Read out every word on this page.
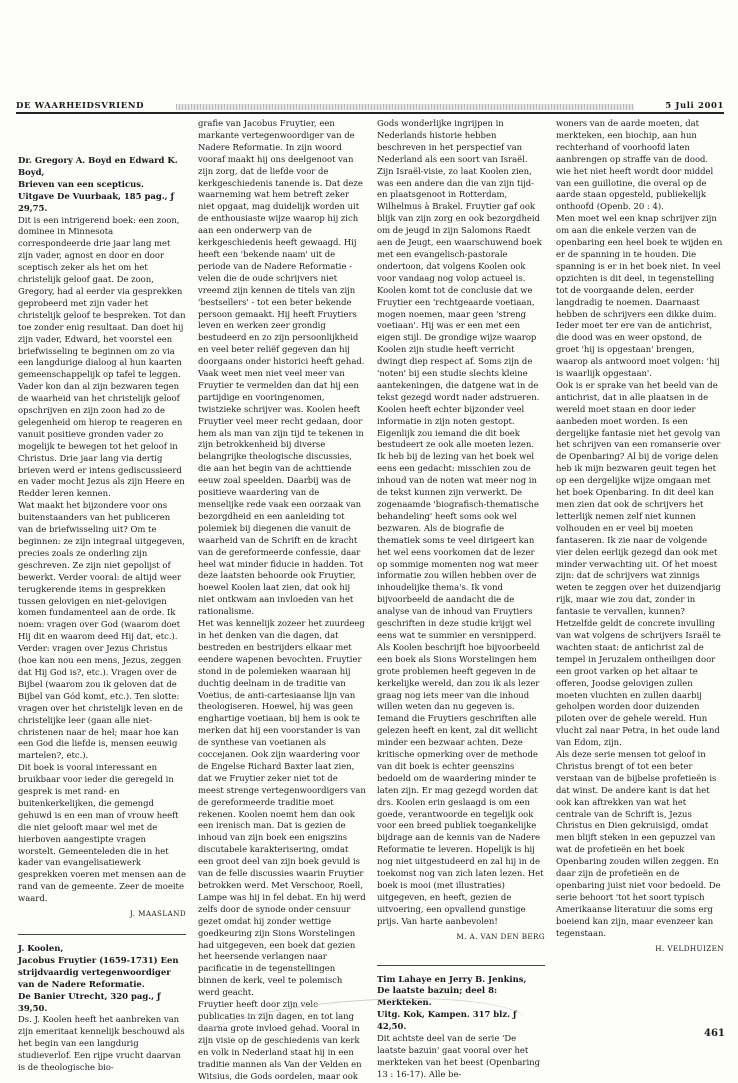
DE WAARHEIDSVRIEND	5 Juli 2001

Dr. Gregory A. Boyd en Edward K. Boyd,

Brieven van een scepticus.

Uitgave De Vuurbaak, 185 pag., ƒ 29,75.

Dit is een intrigerend boek: een zoon, dominee in Minnesota correspondeerde drie jaar lang met zijn vader, agnost en door en door sceptisch zeker als het om het christelijk geloof gaat. De zoon, Gregory, had al eerder via gesprekken geprobeerd met zijn vader het christelijk geloof te bespreken. Tot dan toe zonder enig resultaat. Dan doet hij zijn vader, Edward, het voorstel een briefwisseling te beginnen om zo via een langdurige dialoog al hun kaarten gemeenschappelijk op tafel te leggen. Vader kon dan al zijn bezwaren tegen de waarheid van het christelijk geloof opschrijven en zijn zoon had zo de gelegenheid om hierop te reageren en vanuit positieve gronden vader zo mogelijk te bewegen tot het geloof in Christus. Drie jaar lang via dertig brieven werd er intens gediscussieerd en vader mocht Jezus als zijn Heere en Redder leren kennen.

Wat maakt het bijzondere voor ons buitenstaanders van het publiceren van de briefwisseling uit? Om te beginnen: ze zijn integraal uitgegeven, precies zoals ze onderling zijn geschreven. Ze zijn niet gepolijst of bewerkt. Verder vooral: de altijd weer terugkerende items in gesprekken tussen gelovigen en niet-gelovigen komen fundamenteel aan de orde. Ik noem: vragen over God (waarom doet Hij dit en waarom deed Hij dat, etc.). Verder: vragen over Jezus Christus (hoe kan nou een mens, Jezus, zeggen dat Hij God is?, etc.). Vragen over de Bijbel (waarom zou ik geloven dat de Bijbel van Gód komt, etc.). Ten slotte: vragen over het christelijk leven en de christelijke leer (gaan alle niet-christenen naar de hel; maar hoe kan een God die liefde is, mensen eeuwig martelen?, etc.).

Dit boek is vooral interessant en bruikbaar voor ieder die geregeld in gesprek is met rand- en buitenkerkelijken, die gemengd gehuwd is en een man of vrouw heeft die niet gelooft maar wel met de hierboven aangestipte vragen worstelt. Gemeenteleden die in het kader van evangelisatiewerk gesprekken voeren met mensen aan de rand van de gemeente. Zeer de moeite waard.

J. MAASLAND

J. Koolen,

Jacobus Fruytier (1659-1731) Een strijdvaardig vertegenwoordiger van de Nadere Reformatie.

De Banier Utrecht, 320 pag., ƒ 39,50.

Ds. J. Koolen heeft het aanbreken van zijn emeritaat kennelijk beschouwd als het begin van een langdurig studieverlof. Een rijpe vrucht daarvan is de theologische bio-

grafie van Jacobus Fruytier, een markante vertegenwoordiger van de Nadere Reformatie. In zijn woord vooraf maakt hij ons deelgenoot van zijn zorg, dat de liefde voor de kerkgeschiedenis tanende is. Dat deze waarneming wat hem betreft zeker niet opgaat, mag duidelijk worden uit de enthousiaste wijze waarop hij zich aan een onderwerp van de kerkgeschiedenis heeft gewaagd. Hij heeft een 'bekende naam' uit de periode van de Nadere Reformatie - velen die de oude schrijvers niet vreemd zijn kennen de titels van zijn 'bestsellers' - tot een beter bekende persoon gemaakt. Hij heeft Fruytiers leven en werken zeer grondig bestudeerd en zo zijn persoonlijkheid en veel beter reliëf gegeven dan hij doorgaans onder historici heeft gehad. Vaak weet men niet veel meer van Fruytier te vermelden dan dat hij een partijdige en vooringenomen, twistzieke schrijver was. Koolen heeft Fruytier veel meer recht gedaan, door hem als man van zijn tijd te tekenen in zijn betrokkenheid bij diverse belangrijke theologische discussies, die aan het begin van de achttiende eeuw zoal speelden. Daarbij was de positieve waardering van de menselijke rede vaak een oorzaak van bezorgdheid en een aanleiding tot polemiek bij diegenen die vanuit de waarheid van de Schrift en de kracht van de gereformeerde confessie, daar heel wat minder fiducie in hadden. Tot deze laatsten behoorde ook Fruytier, hoewel Koolen laat zien, dat ook hij niet ontkwam aan invloeden van het rationalisme.

Het was kennelijk zozeer het zuurdeeg in het denken van die dagen, dat bestreden en bestrijders elkaar met eendere wapenen bevochten. Fruytier stond in de polemieken waaraan hij duchtig deelnam in de traditie van Voetius, de anti-cartesiaanse lijn van theologiseren. Hoewel, hij was geen enghartige voetiaan, bij hem is ook te merken dat hij een voorstander is van de synthese van voetianen als coccejanen. Ook zijn waardering voor de Engelse Richard Baxter laat zien, dat we Fruytier zeker niet tot de meest strenge vertegenwoordigers van de gereformeerde traditie moet rekenen. Koolen noemt hem dan ook een irenisch man. Dat is gezien de inhoud van zijn boek een enigszins discutabele karakterisering, omdat een groot deel van zijn boek gevuld is van de felle discussies waarin Fruytier betrokken werd. Met Verschoor, Roell, Lampe was hij in fel debat. En hij werd zelfs door de synode onder censuur gezet omdat hij zonder wettige goedkeuring zijn Sions Worstelingen had uitgegeven, een boek dat gezien het heersende verlangen naar pacificatie in de tegenstellingen binnen de kerk, veel te polemisch werd geacht.

Fruytier heeft door zijn vele publicaties in zijn dagen, en tot lang daarna grote invloed gehad. Vooral in zijn visie op de geschiedenis van kerk en volk in Nederland staat hij in een traditie mannen als Van der Velden en Witsius, die Gods oordelen, maar ook

Gods wonderlijke ingrijpen in Nederlands historie hebben beschreven in het perspectief van Nederland als een soort van Israël. Zijn Israël-visie, zo laat Koolen zien, was een andere dan die van zijn tijd- en plaatsgenoot in Rotterdam, Wilhelmus à Brakel. Fruytier gaf ook blijk van zijn zorg en ook bezorgdheid om de jeugd in zijn Salomons Raedt aen de Jeugt, een waarschuwend boek met een evangelisch-pastorale ondertoon, dat volgens Koolen ook voor vandaag nog volop actueel is.

Koolen komt tot de conclusie dat we Fruytier een 'rechtgeaarde voetiaan, mogen noemen, maar geen 'streng voetiaan'. Hij was er een met een eigen stijl. De grondige wijze waarop Koolen zijn studie heeft verricht dwingt diep respect af. Soms zijn de 'noten' bij een studie slechts kleine aantekeningen, die datgene wat in de tekst gezegd wordt nader adstrueren. Koolen heeft echter bijzonder veel informatie in zijn noten gestopt. Eigenlijk zou iemand die dit boek bestudeert ze ook alle moeten lezen. Ik heb bij de lezing van het boek wel eens een gedacht: misschien zou de inhoud van de noten wat meer nog in de tekst kunnen zijn verwerkt. De zogenaamde 'biografisch-thematische behandeling' heeft soms ook wel bezwaren. Als de biografie de thematiek soms te veel dirigeert kan het wel eens voorkomen dat de lezer op sommige momenten nog wat meer informatie zou willen hebben over de inhoudelijke thema's. Ik vond bijvoorbeeld de aandacht die de analyse van de inhoud van Fruytiers geschriften in deze studie krijgt wel eens wat te summier en versnipperd. Als Koolen beschrijft hoe bijvoorbeeld een boek als Sions Worstelingen hem grote problemen heeft gegeven in de kerkelijke wereld, dan zou ik als lezer graag nog iets meer van die inhoud willen weten dan nu gegeven is. Iemand die Fruytiers geschriften alle gelezen heeft en kent, zal dit wellicht minder een bezwaar achten. Deze kritische opmerking over de methode van dit boek is echter geenszins bedoeld om de waardering minder te laten zijn. Er mag gezegd worden dat drs. Koolen erin geslaagd is om een goede, verantwoorde en tegelijk ook voor een breed publiek toegankelijke bijdrage aan de kennis van de Nadere Reformatie te leveren. Hopelijk is hij nog niet uitgestudeerd en zal hij in de toekomst nog van zich laten lezen. Het boek is mooi (met illustraties) uitgegeven, en heeft, gezien de uitvoering, een opvallend gunstige prijs. Van harte aanbevolen!

M. A. VAN DEN BERG

Tim Lahaye en Jerry B. Jenkins,

De laatste bazuin; deel 8: Merkteken.

Uitg. Kok, Kampen. 317 blz. ƒ 42,50.

Dit achtste deel van de serie 'De laatste bazuin' gaat vooral over het merkteken van het beest (Openbaring 13 : 16-17). Alle be-

woners van de aarde moeten, dat merkteken, een biochip, aan hun rechterhand of voorhoofd laten aanbrengen op straffe van de dood. wie het niet heeft wordt door middel van een guillotine, die overal op de aarde staan opgesteld, publiekelijk onthoofd (Openb. 20 : 4).

Men moet wel een knap schrijver zijn om aan die enkele verzen van de openbaring een heel boek te wijden en er de spanning in te houden. Die spanning is er in het boek niet. In veel opzichten is dit deel, in tegenstelling tot de voorgaande delen, eerder langdradig te noemen. Daarnaast hebben de schrijvers een dikke duim. Ieder moet ter ere van de antichrist, die dood was en weer opstond, de groet 'hij is opgestaan' brengen, waarop als antwoord moet volgen: 'hij is waarlijk opgestaan'.

Ook is er sprake van het beeld van de antichrist, dat in alle plaatsen in de wereld moet staan en door ieder aanbeden moet worden. Is een dergelijke fantasie niet het gevolg van het schrijven van een romanserie over de Openbaring? Al bij de vorige delen heb ik mijn bezwaren geuit tegen het op een dergelijke wijze omgaan met het boek Openbaring. In dit deel kan men zien dat ook de schrijvers het letterlijk nemen zelf niet kunnen volhouden en er veel bij moeten fantaseren. Ik zie naar de volgende vier delen eerlijk gezegd dan ook met minder verwachting uit. Of het moest zijn: dat de schrijvers wat zinnigs weten te zeggen over het duizendjarig rijk, maar wie zou dat, zonder in fantasie te vervallen, kunnen?

Hetzelfde geldt de concrete invulling van wat volgens de schrijvers Israël te wachten staat: de antichrist zal de tempel in Jeruzalem ontheiligen door een groot varken op het altaar te offeren, Joodse gelovigen zullen moeten vluchten en zullen daarbij geholpen worden door duizenden piloten over de gehele wereld. Hun vlucht zal naar Petra, in het oude land van Edom, zijn.

Als deze serie mensen tot geloof in Christus brengt of tot een beter verstaan van de bijbelse profetieën is dat winst. De andere kant is dat het ook kan aftrekken van wat het centrale van de Schrift is, Jezus Christus en Dien gekruisigd, omdat men blijft steken in een gepuzzel van wat de profetieën en het boek Openbaring zouden willen zeggen. En daar zijn de profetieën en de openbaring juist niet voor bedoeld. De serie behoort 'tot het soort typisch Amerikaanse literatuur die soms erg boeiend kan zijn, maar evenzeer kan tegenstaan.

H. VELDHUIZEN

461
